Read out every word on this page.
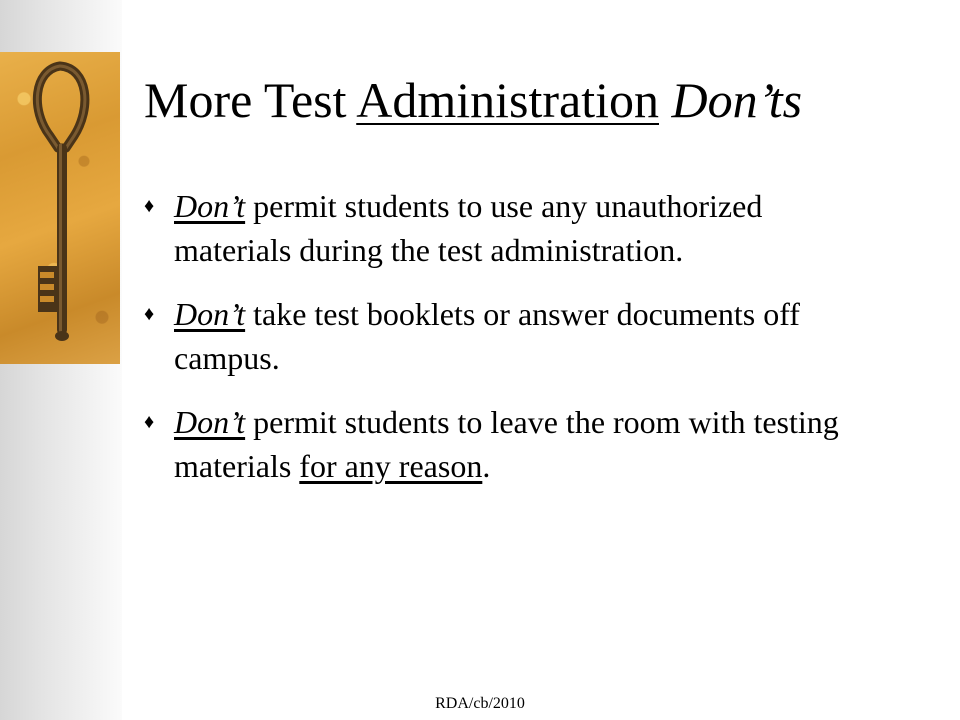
More Test Administration Don’ts
♦ Don’t permit students to use any unauthorized materials during the test administration.
♦ Don’t take test booklets or answer documents off campus.
♦ Don’t permit students to leave the room with testing materials for any reason.
RDA/cb/2010
